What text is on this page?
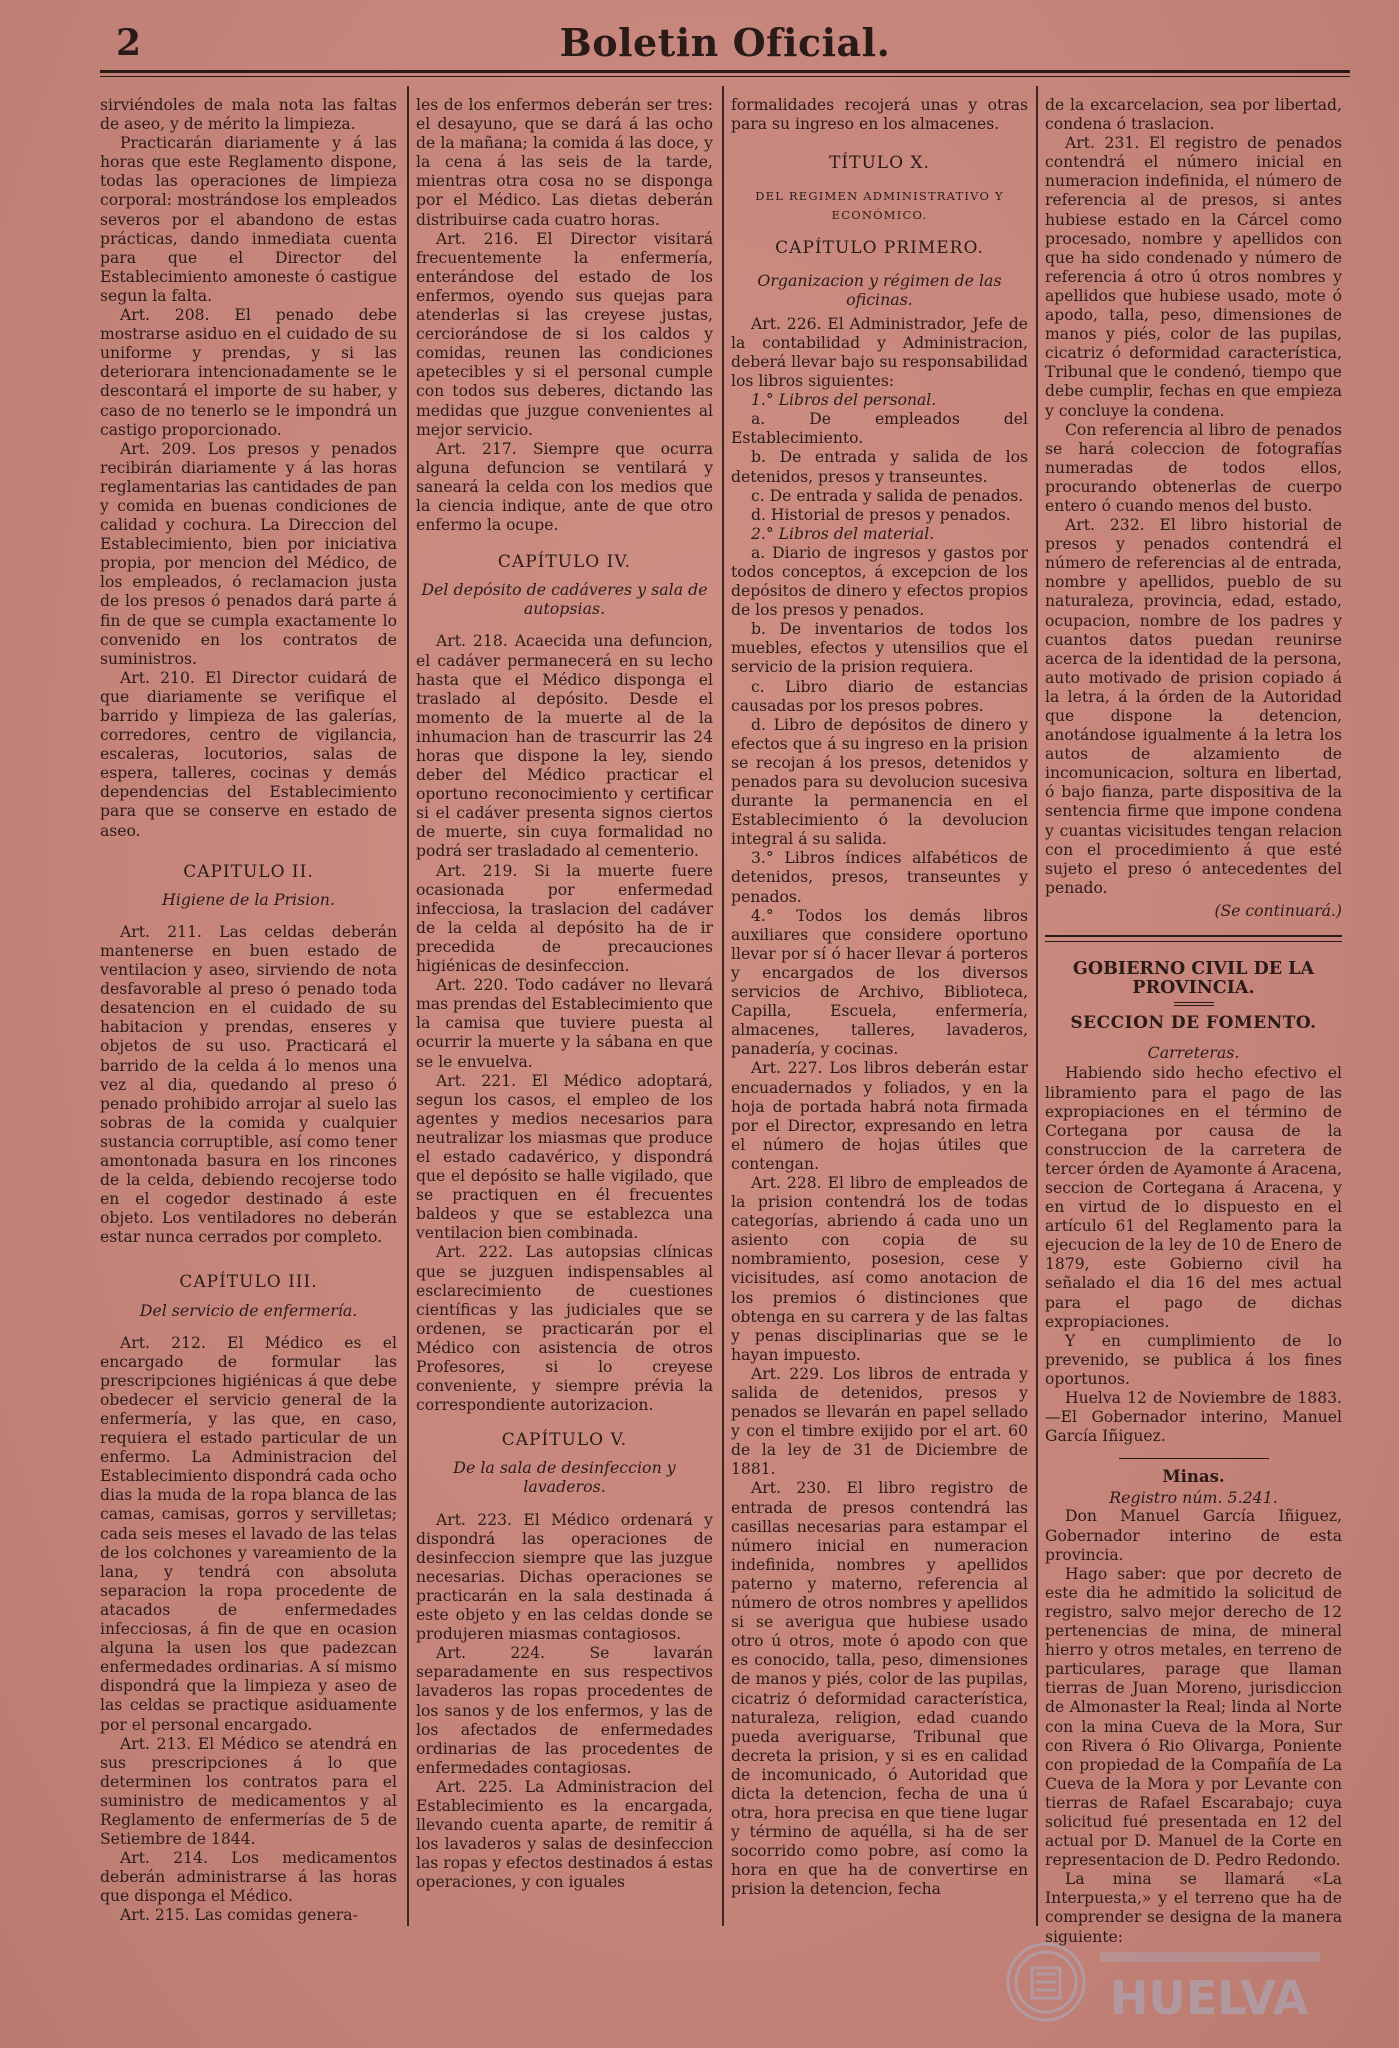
2	Boletin Oficial.

sirviéndoles de mala nota las faltas de aseo, y de mérito la limpieza.

Practicarán diariamente y á las horas que este Reglamento dispone, todas las operaciones de limpieza corporal: mostrándose los empleados severos por el abandono de estas prácticas, dando inmediata cuenta para que el Director del Establecimiento amoneste ó castigue segun la falta.

Art. 208. El penado debe mostrarse asiduo en el cuidado de su uniforme y prendas, y si las deteriorara intencionadamente se le descontará el importe de su haber, y caso de no tenerlo se le impondrá un castigo proporcionado.

Art. 209. Los presos y penados recibirán diariamente y á las horas reglamentarias las cantidades de pan y comida en buenas condiciones de calidad y cochura. La Direccion del Establecimiento, bien por iniciativa propia, por mencion del Médico, de los empleados, ó reclamacion justa de los presos ó penados dará parte á fin de que se cumpla exactamente lo convenido en los contratos de suministros.

Art. 210. El Director cuidará de que diariamente se verifique el barrido y limpieza de las galerías, corredores, centro de vigilancia, escaleras, locutorios, salas de espera, talleres, cocinas y demás dependencias del Establecimiento para que se conserve en estado de aseo.

CAPITULO II.

Higiene de la Prision.

Art. 211. Las celdas deberán mantenerse en buen estado de ventilacion y aseo, sirviendo de nota desfavorable al preso ó penado toda desatencion en el cuidado de su habitacion y prendas, enseres y objetos de su uso. Practicará el barrido de la celda á lo menos una vez al dia, quedando al preso ó penado prohibido arrojar al suelo las sobras de la comida y cualquier sustancia corruptible, así como tener amontonada basura en los rincones de la celda, debiendo recojerse todo en el cogedor destinado á este objeto. Los ventiladores no deberán estar nunca cerrados por completo.

CAPÍTULO III.

Del servicio de enfermería.

Art. 212. El Médico es el encargado de formular las prescripciones higiénicas á que debe obedecer el servicio general de la enfermería, y las que, en caso, requiera el estado particular de un enfermo. La Administracion del Establecimiento dispondrá cada ocho dias la muda de la ropa blanca de las camas, camisas, gorros y servilletas; cada seis meses el lavado de las telas de los colchones y vareamiento de la lana, y tendrá con absoluta separacion la ropa procedente de atacados de enfermedades infecciosas, á fin de que en ocasion alguna la usen los que padezcan enfermedades ordinarias. A sí mismo dispondrá que la limpieza y aseo de las celdas se practique asiduamente por el personal encargado.

Art. 213. El Médico se atendrá en sus prescripciones á lo que determinen los contratos para el suministro de medicamentos y al Reglamento de enfermerías de 5 de Setiembre de 1844.

Art. 214. Los medicamentos deberán administrarse á las horas que disponga el Médico.

Art. 215. Las comidas genera-

les de los enfermos deberán ser tres: el desayuno, que se dará á las ocho de la mañana; la comida á las doce, y la cena á las seis de la tarde, mientras otra cosa no se disponga por el Médico. Las dietas deberán distribuirse cada cuatro horas.

Art. 216. El Director visitará frecuentemente la enfermería, enterándose del estado de los enfermos, oyendo sus quejas para atenderlas si las creyese justas, cerciorándose de si los caldos y comidas, reunen las condiciones apetecibles y si el personal cumple con todos sus deberes, dictando las medidas que juzgue convenientes al mejor servicio.

Art. 217. Siempre que ocurra alguna defuncion se ventilará y saneará la celda con los medios que la ciencia indique, ante de que otro enfermo la ocupe.

CAPÍTULO IV.

Del depósito de cadáveres y sala de autopsias.

Art. 218. Acaecida una defuncion, el cadáver permanecerá en su lecho hasta que el Médico disponga el traslado al depósito. Desde el momento de la muerte al de la inhumacion han de trascurrir las 24 horas que dispone la ley, siendo deber del Médico practicar el oportuno reconocimiento y certificar si el cadáver presenta signos ciertos de muerte, sin cuya formalidad no podrá ser trasladado al cementerio.

Art. 219. Si la muerte fuere ocasionada por enfermedad infecciosa, la traslacion del cadáver de la celda al depósito ha de ir precedida de precauciones higiénicas de desinfeccion.

Art. 220. Todo cadáver no llevará mas prendas del Establecimiento que la camisa que tuviere puesta al ocurrir la muerte y la sábana en que se le envuelva.

Art. 221. El Médico adoptará, segun los casos, el empleo de los agentes y medios necesarios para neutralizar los miasmas que produce el estado cadavérico, y dispondrá que el depósito se halle vigilado, que se practiquen en él frecuentes baldeos y que se establezca una ventilacion bien combinada.

Art. 222. Las autopsias clínicas que se juzguen indispensables al esclarecimiento de cuestiones científicas y las judiciales que se ordenen, se practicarán por el Médico con asistencia de otros Profesores, si lo creyese conveniente, y siempre prévia la correspondiente autorizacion.

CAPÍTULO V.

De la sala de desinfeccion y lavaderos.

Art. 223. El Médico ordenará y dispondrá las operaciones de desinfeccion siempre que las juzgue necesarias. Dichas operaciones se practicarán en la sala destinada á este objeto y en las celdas donde se produjeren miasmas contagiosos.

Art. 224. Se lavarán separadamente en sus respectivos lavaderos las ropas procedentes de los sanos y de los enfermos, y las de los afectados de enfermedades ordinarias de las procedentes de enfermedades contagiosas.

Art. 225. La Administracion del Establecimiento es la encargada, llevando cuenta aparte, de remitir á los lavaderos y salas de desinfeccion las ropas y efectos destinados á estas operaciones, y con iguales

formalidades recojerá unas y otras para su ingreso en los almacenes.

TÍTULO X.

DEL REGIMEN ADMINISTRATIVO Y ECONÓMICO.

CAPÍTULO PRIMERO.

Organizacion y régimen de las oficinas.

Art. 226. El Administrador, Jefe de la contabilidad y Administracion, deberá llevar bajo su responsabilidad los libros siguientes:

1.° Libros del personal.

a. De empleados del Establecimiento.

b. De entrada y salida de los detenidos, presos y transeuntes.

c. De entrada y salida de penados.

d. Historial de presos y penados.

2.° Libros del material.

a. Diario de ingresos y gastos por todos conceptos, á excepcion de los depósitos de dinero y efectos propios de los presos y penados.

b. De inventarios de todos los muebles, efectos y utensilios que el servicio de la prision requiera.

c. Libro diario de estancias causadas por los presos pobres.

d. Libro de depósitos de dinero y efectos que á su ingreso en la prision se recojan á los presos, detenidos y penados para su devolucion sucesiva durante la permanencia en el Establecimiento ó la devolucion integral á su salida.

3.° Libros índices alfabéticos de detenidos, presos, transeuntes y penados.

4.° Todos los demás libros auxiliares que considere oportuno llevar por sí ó hacer llevar á porteros y encargados de los diversos servicios de Archivo, Biblioteca, Capilla, Escuela, enfermería, almacenes, talleres, lavaderos, panadería, y cocinas.

Art. 227. Los libros deberán estar encuadernados y foliados, y en la hoja de portada habrá nota firmada por el Director, expresando en letra el número de hojas útiles que contengan.

Art. 228. El libro de empleados de la prision contendrá los de todas categorías, abriendo á cada uno un asiento con copia de su nombramiento, posesion, cese y vicisitudes, así como anotacion de los premios ó distinciones que obtenga en su carrera y de las faltas y penas disciplinarias que se le hayan impuesto.

Art. 229. Los libros de entrada y salida de detenidos, presos y penados se llevarán en papel sellado y con el timbre exijido por el art. 60 de la ley de 31 de Diciembre de 1881.

Art. 230. El libro registro de entrada de presos contendrá las casillas necesarias para estampar el número inicial en numeracion indefinida, nombres y apellidos paterno y materno, referencia al número de otros nombres y apellidos si se averigua que hubiese usado otro ú otros, mote ó apodo con que es conocido, talla, peso, dimensiones de manos y piés, color de las pupilas, cicatriz ó deformidad característica, naturaleza, religion, edad cuando pueda averiguarse, Tribunal que decreta la prision, y si es en calidad de incomunicado, ó Autoridad que dicta la detencion, fecha de una ú otra, hora precisa en que tiene lugar y término de aquélla, si ha de ser socorrido como pobre, así como la hora en que ha de convertirse en prision la detencion, fecha

de la excarcelacion, sea por libertad, condena ó traslacion.

Art. 231. El registro de penados contendrá el número inicial en numeracion indefinida, el número de referencia al de presos, si antes hubiese estado en la Cárcel como procesado, nombre y apellidos con que ha sido condenado y número de referencia á otro ú otros nombres y apellidos que hubiese usado, mote ó apodo, talla, peso, dimensiones de manos y piés, color de las pupilas, cicatriz ó deformidad característica, Tribunal que le condenó, tiempo que debe cumplir, fechas en que empieza y concluye la condena.

Con referencia al libro de penados se hará coleccion de fotografías numeradas de todos ellos, procurando obtenerlas de cuerpo entero ó cuando menos del busto.

Art. 232. El libro historial de presos y penados contendrá el número de referencias al de entrada, nombre y apellidos, pueblo de su naturaleza, provincia, edad, estado, ocupacion, nombre de los padres y cuantos datos puedan reunirse acerca de la identidad de la persona, auto motivado de prision copiado á la letra, á la órden de la Autoridad que dispone la detencion, anotándose igualmente á la letra los autos de alzamiento de incomunicacion, soltura en libertad, ó bajo fianza, parte dispositiva de la sentencia firme que impone condena y cuantas vicisitudes tengan relacion con el procedimiento á que esté sujeto el preso ó antecedentes del penado.

(Se continuará.)

GOBIERNO CIVIL DE LA PROVINCIA.

SECCION DE FOMENTO.

Carreteras.

Habiendo sido hecho efectivo el libramiento para el pago de las expropiaciones en el término de Cortegana por causa de la construccion de la carretera de tercer órden de Ayamonte á Aracena, seccion de Cortegana á Aracena, y en virtud de lo dispuesto en el artículo 61 del Reglamento para la ejecucion de la ley de 10 de Enero de 1879, este Gobierno civil ha señalado el dia 16 del mes actual para el pago de dichas expropiaciones.

Y en cumplimiento de lo prevenido, se publica á los fines oportunos.

Huelva 12 de Noviembre de 1883.—El Gobernador interino, Manuel García Iñiguez.

Minas.

Registro núm. 5.241.

Don Manuel García Iñiguez, Gobernador interino de esta provincia.

Hago saber: que por decreto de este dia he admitido la solicitud de registro, salvo mejor derecho de 12 pertenencias de mina, de mineral hierro y otros metales, en terreno de particulares, parage que llaman tierras de Juan Moreno, jurisdiccion de Almonaster la Real; linda al Norte con la mina Cueva de la Mora, Sur con Rivera ó Rio Olivarga, Poniente con propiedad de la Compañía de La Cueva de la Mora y por Levante con tierras de Rafael Escarabajo; cuya solicitud fué presentada en 12 del actual por D. Manuel de la Corte en representacion de D. Pedro Redondo.

La mina se llamará «La Interpuesta,» y el terreno que ha de comprender se designa de la manera siguiente:

HUELVA
